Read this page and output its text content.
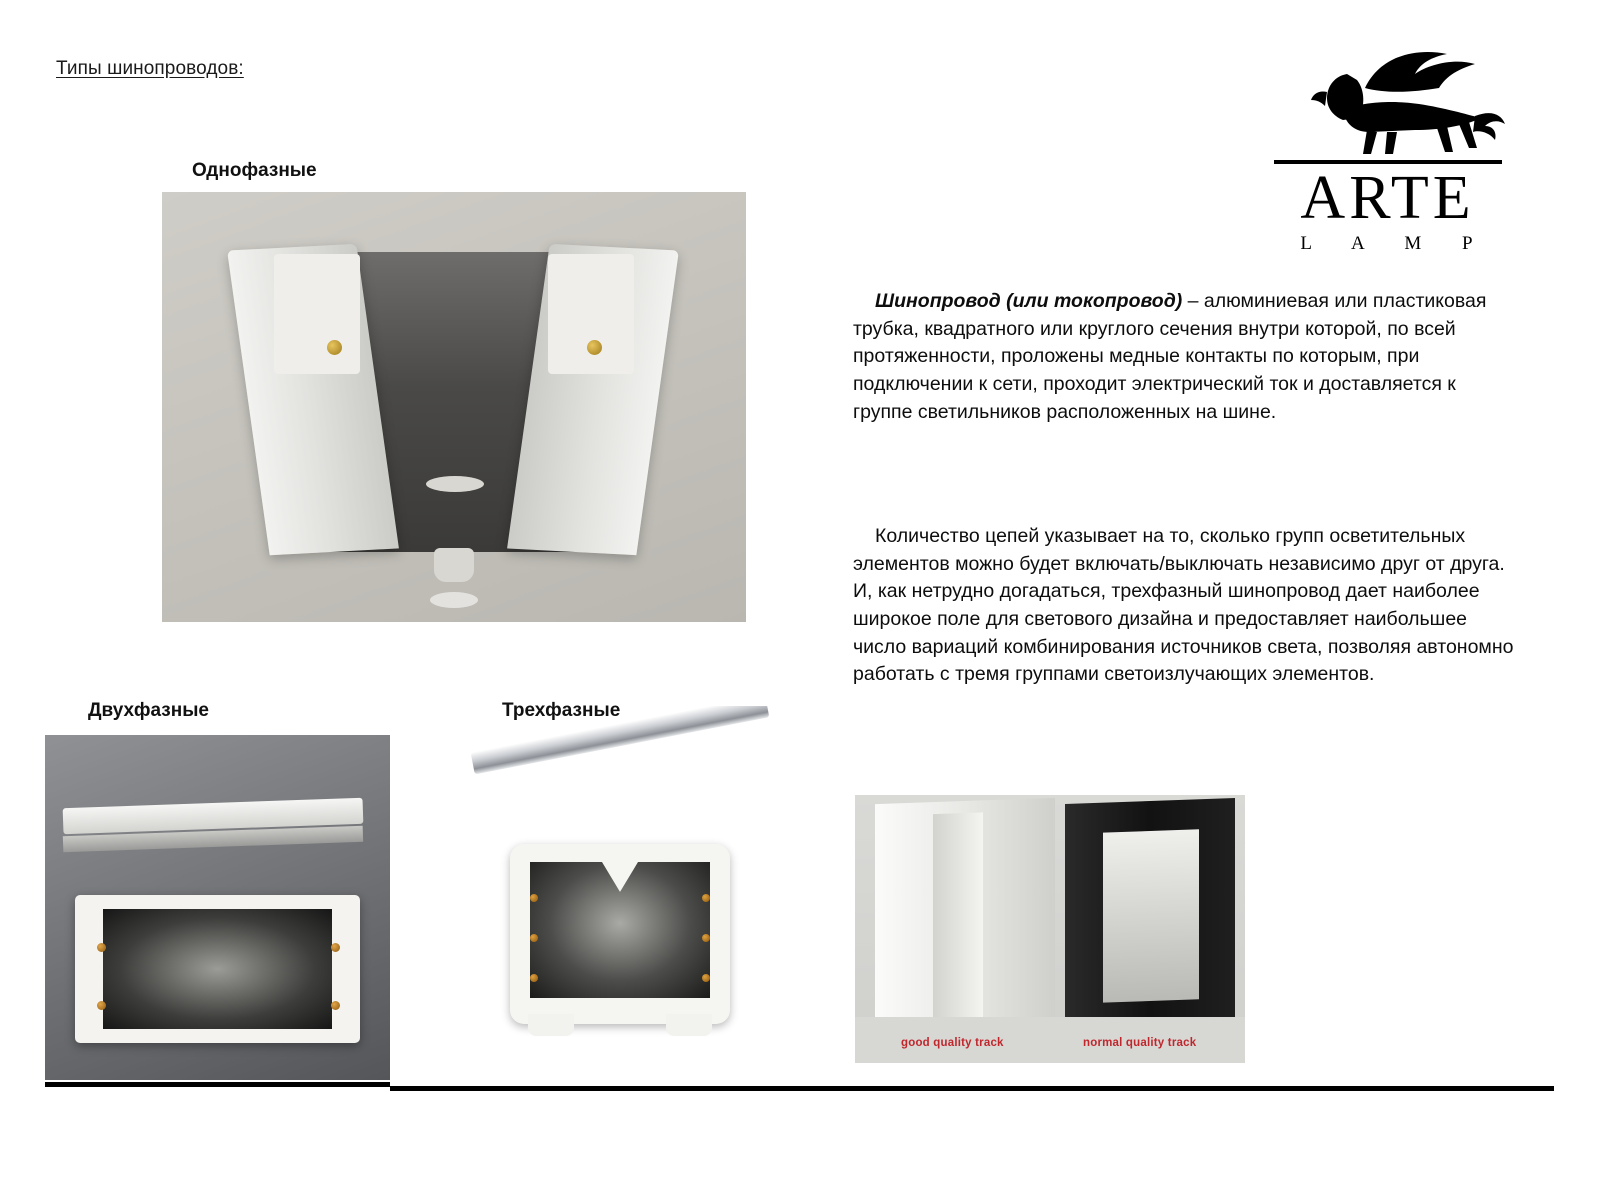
Типы шинопроводов:
Однофазные
Двухфазные	Трехфазные
ARTE
L A M P
Шинопровод (или токопровод) – алюминиевая или пластиковая трубка, квадратного или круглого сечения внутри которой, по всей протяженности, проложены медные контакты по которым, при подключении к сети, проходит электрический ток и доставляется к группе светильников расположенных на шине.
Количество цепей указывает на то, сколько групп осветительных элементов можно будет включать/выключать независимо друг от друга. И, как нетрудно догадаться, трехфазный шинопровод дает наиболее широкое поле для светового дизайна и предоставляет наибольшее число вариаций комбинирования источников света, позволяя автономно работать с тремя группами светоизлучающих элементов.
good quality track	normal quality track
